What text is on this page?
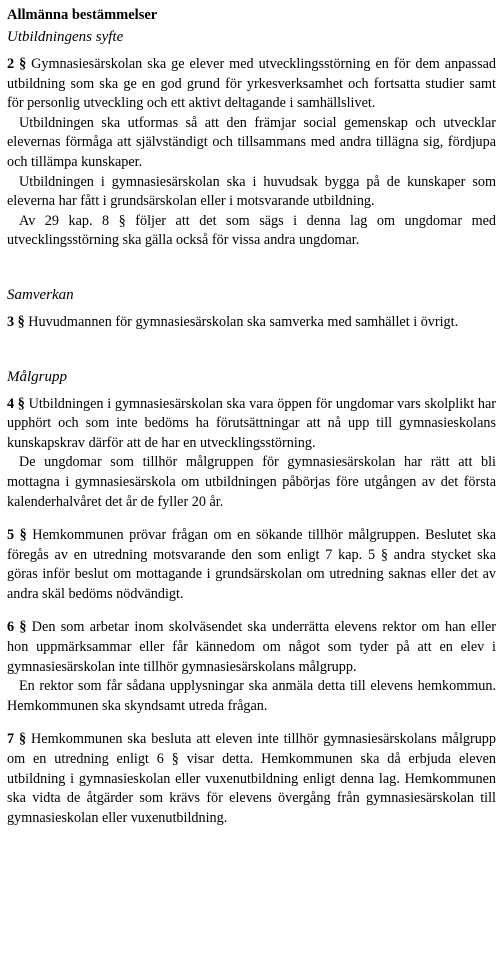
Allmänna bestämmelser
Utbildningens syfte

2 § Gymnasiesärskolan ska ge elever med utvecklingsstörning en för dem anpassad utbildning som ska ge en god grund för yrkesverksamhet och fortsatta studier samt för personlig utveckling och ett aktivt deltagande i samhällslivet.

Utbildningen ska utformas så att den främjar social gemenskap och utvecklar elevernas förmåga att självständigt och tillsammans med andra tillägna sig, fördjupa och tillämpa kunskaper.

Utbildningen i gymnasiesärskolan ska i huvudsak bygga på de kunskaper som eleverna har fått i grundsärskolan eller i motsvarande utbildning.

Av 29 kap. 8 § följer att det som sägs i denna lag om ungdomar med utvecklingsstörning ska gälla också för vissa andra ungdomar.

Samverkan

3 § Huvudmannen för gymnasiesärskolan ska samverka med samhället i övrigt.

Målgrupp

4 § Utbildningen i gymnasiesärskolan ska vara öppen för ungdomar vars skolplikt har upphört och som inte bedöms ha förutsättningar att nå upp till gymnasieskolans kunskapskrav därför att de har en utvecklingsstörning.

De ungdomar som tillhör målgruppen för gymnasiesärskolan har rätt att bli mottagna i gymnasiesärskola om utbildningen påbörjas före utgången av det första kalenderhalvåret det år de fyller 20 år.

5 § Hemkommunen prövar frågan om en sökande tillhör målgruppen. Beslutet ska föregås av en utredning motsvarande den som enligt 7 kap. 5 § andra stycket ska göras inför beslut om mottagande i grundsärskolan om utredning saknas eller det av andra skäl bedöms nödvändigt.

6 § Den som arbetar inom skolväsendet ska underrätta elevens rektor om han eller hon uppmärksammar eller får kännedom om något som tyder på att en elev i gymnasiesärskolan inte tillhör gymnasiesärskolans målgrupp.

En rektor som får sådana upplysningar ska anmäla detta till elevens hemkommun. Hemkommunen ska skyndsamt utreda frågan.

7 § Hemkommunen ska besluta att eleven inte tillhör gymnasiesärskolans målgrupp om en utredning enligt 6 § visar detta. Hemkommunen ska då erbjuda eleven utbildning i gymnasieskolan eller vuxenutbildning enligt denna lag. Hemkommunen ska vidta de åtgärder som krävs för elevens övergång från gymnasiesärskolan till gymnasieskolan eller vuxenutbildning.
